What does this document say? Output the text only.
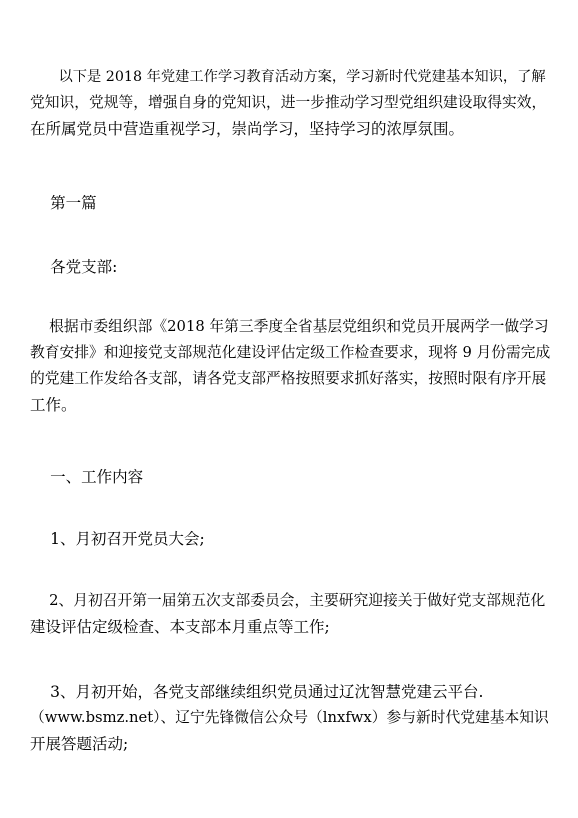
以下是 2018 年党建工作学习教育活动方案，学习新时代党建基本知识，了解
党知识，党规等，增强自身的党知识，进一步推动学习型党组织建设取得实效，
在所属党员中营造重视学习，崇尚学习，坚持学习的浓厚氛围。
第一篇
各党支部:
根据市委组织部《2018 年第三季度全省基层党组织和党员开展两学一做学习
教育安排》和迎接党支部规范化建设评估定级工作检查要求，现将 9 月份需完成
的党建工作发给各支部，请各党支部严格按照要求抓好落实，按照时限有序开展
工作。
一、工作内容
1、月初召开党员大会;
2、月初召开第一届第五次支部委员会，主要研究迎接关于做好党支部规范化
建设评估定级检查、本支部本月重点等工作;
3、月初开始，各党支部继续组织党员通过辽沈智慧党建云平台.
（www.bsmz.net）、辽宁先锋微信公众号（lnxfwx）参与新时代党建基本知识
开展答题活动;
